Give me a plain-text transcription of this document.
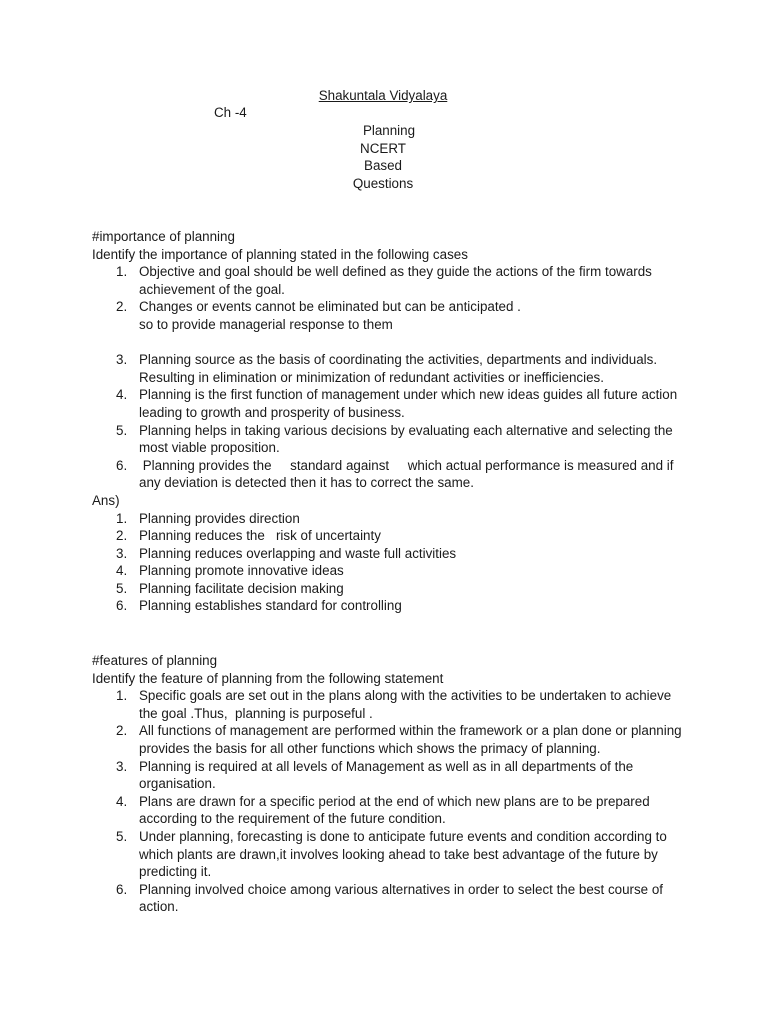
Shakuntala Vidyalaya
Ch -4
Planning
NCERT
Based
Questions
#importance of planning
Identify the importance of planning stated in the following cases
1. Objective and goal should be well defined as they guide the actions of the firm towards achievement of the goal.
2. Changes or events cannot be eliminated but can be anticipated .
so to provide managerial response to them
3. Planning source as the basis of coordinating the activities, departments and individuals. Resulting in elimination or minimization of redundant activities or inefficiencies.
4. Planning is the first function of management under which new ideas guides all future action leading to growth and prosperity of business.
5. Planning helps in taking various decisions by evaluating each alternative and selecting the most viable proposition.
6. Planning provides the     standard against     which actual performance is measured and if any deviation is detected then it has to correct the same.
Ans)
1. Planning provides direction
2. Planning reduces the   risk of uncertainty
3. Planning reduces overlapping and waste full activities
4. Planning promote innovative ideas
5. Planning facilitate decision making
6. Planning establishes standard for controlling
#features of planning
Identify the feature of planning from the following statement
1. Specific goals are set out in the plans along with the activities to be undertaken to achieve the goal .Thus,  planning is purposeful .
2. All functions of management are performed within the framework or a plan done or planning provides the basis for all other functions which shows the primacy of planning.
3. Planning is required at all levels of Management as well as in all departments of the organisation.
4. Plans are drawn for a specific period at the end of which new plans are to be prepared according to the requirement of the future condition.
5. Under planning, forecasting is done to anticipate future events and condition according to which plants are drawn,it involves looking ahead to take best advantage of the future by predicting it.
6. Planning involved choice among various alternatives in order to select the best course of action.
